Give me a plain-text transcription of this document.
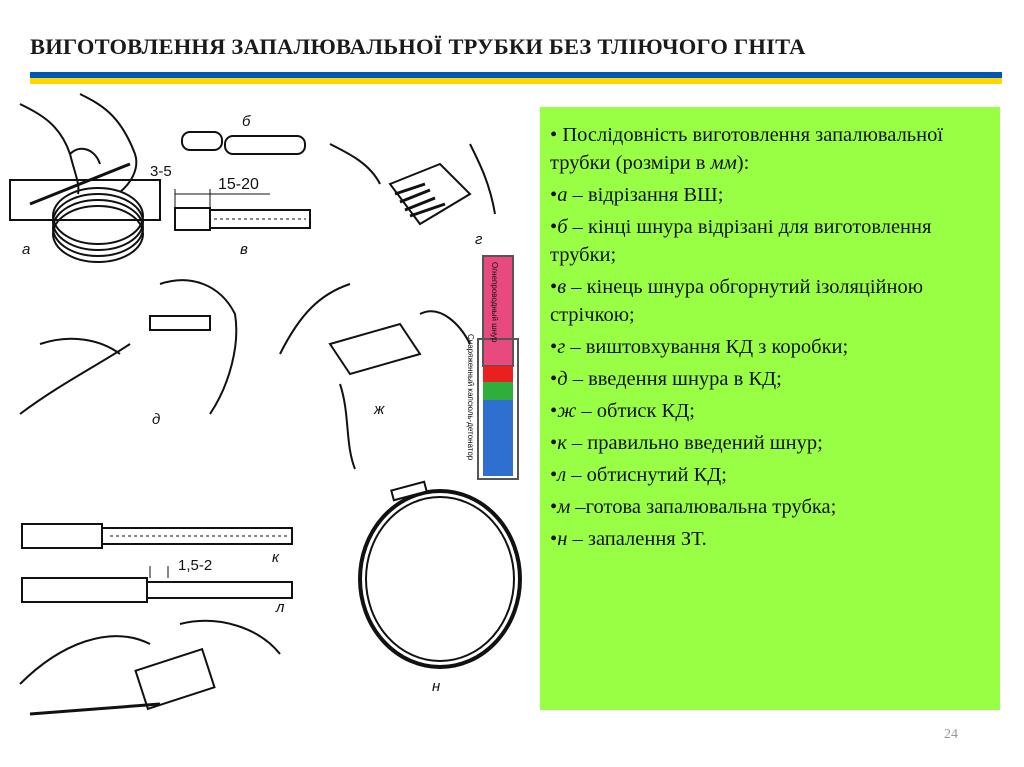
ВИГОТОВЛЕННЯ ЗАПАЛЮВАЛЬНОЇ ТРУБКИ БЕЗ ТЛІЮЧОГО ГНІТА
а
б
3-5
15-20
в
г
д
ж
Огнепроводный шнур
Снаряженный капсюль-детонатор
к
1,5-2
л
н
• Послідовність виготовлення запалювальної трубки (розміри в мм):
•а – відрізання ВШ;
•б – кінці шнура відрізані для виготовлення трубки;
•в – кінець шнура обгорнутий ізоляційною стрічкою;
•г – виштовхування КД з коробки;
•д – введення шнура в КД;
•ж – обтиск КД;
•к – правильно введений шнур;
•л – обтиснутий КД;
•м –готова запалювальна трубка;
•н – запалення ЗТ.
24
